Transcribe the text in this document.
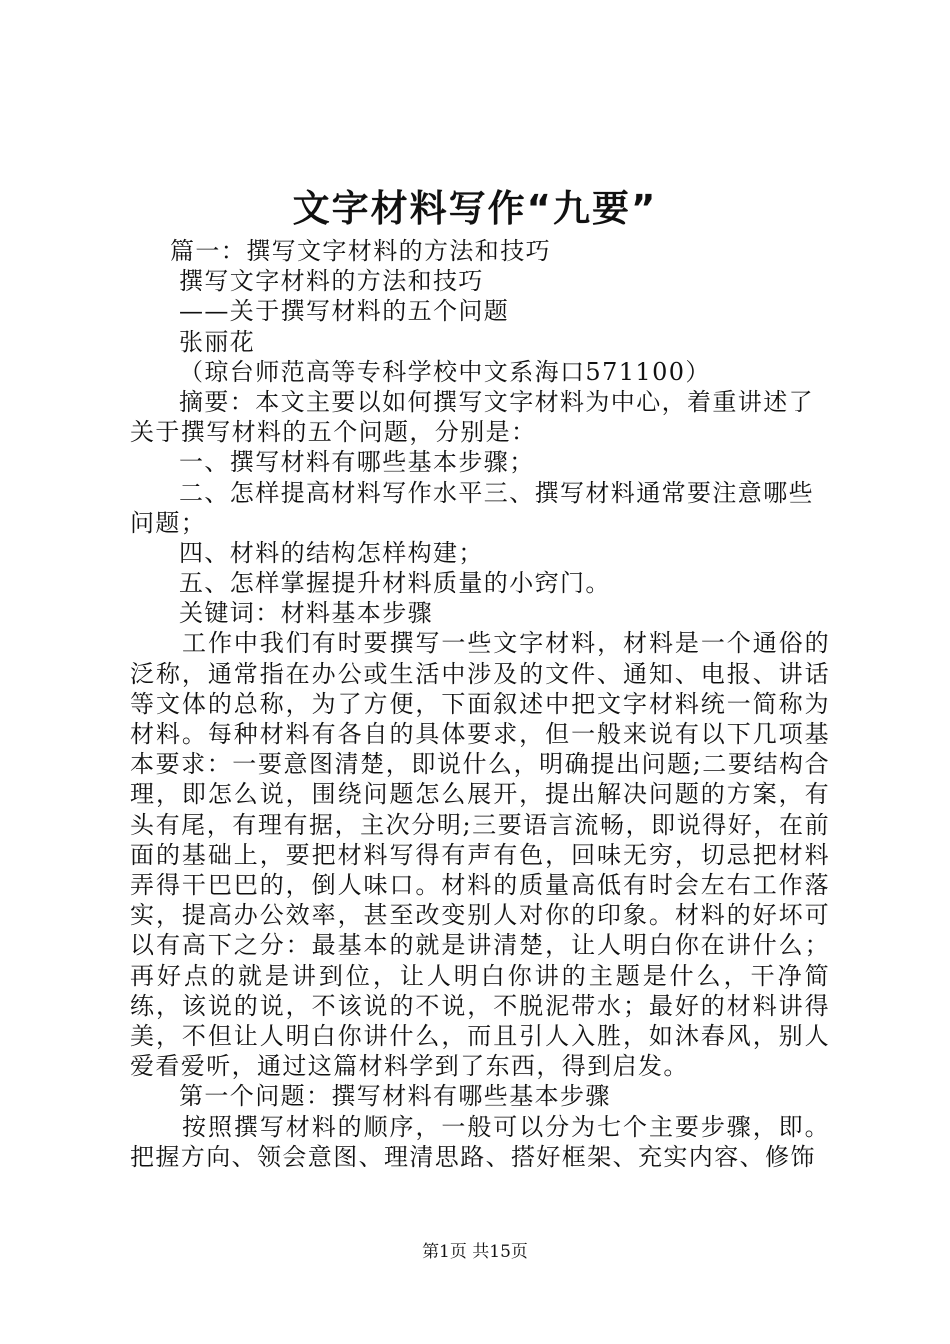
文字材料写作“九要”
篇一：撰写文字材料的方法和技巧
撰写文字材料的方法和技巧
——关于撰写材料的五个问题
张丽花
（琼台师范高等专科学校中文系海口571100）
摘要：本文主要以如何撰写文字材料为中心，着重讲述了
关于撰写材料的五个问题，分别是：
一、撰写材料有哪些基本步骤；
二、怎样提高材料写作水平三、撰写材料通常要注意哪些
问题；
四、材料的结构怎样构建；
五、怎样掌握提升材料质量的小窍门。
关键词：材料基本步骤
工作中我们有时要撰写一些文字材料，材料是一个通俗的泛称，通常指在办公或生活中涉及的文件、通知、电报、讲话等文体的总称，为了方便，下面叙述中把文字材料统一简称为材料。每种材料有各自的具体要求，但一般来说有以下几项基本要求：一要意图清楚，即说什么，明确提出问题;二要结构合理，即怎么说，围绕问题怎么展开，提出解决问题的方案，有头有尾，有理有据，主次分明;三要语言流畅，即说得好，在前面的基础上，要把材料写得有声有色，回味无穷，切忌把材料弄得干巴巴的，倒人味口。材料的质量高低有时会左右工作落实，提高办公效率，甚至改变别人对你的印象。材料的好坏可以有高下之分：最基本的就是讲清楚，让人明白你在讲什么；再好点的就是讲到位，让人明白你讲的主题是什么，干净简练，该说的说，不该说的不说，不脱泥带水；最好的材料讲得美，不但让人明白你讲什么，而且引人入胜，如沐春风，别人爱看爱听，通过这篇材料学到了东西，得到启发。
第一个问题：撰写材料有哪些基本步骤
按照撰写材料的顺序，一般可以分为七个主要步骤，即。把握方向、领会意图、理清思路、搭好框架、充实内容、修饰
第1页 共15页
